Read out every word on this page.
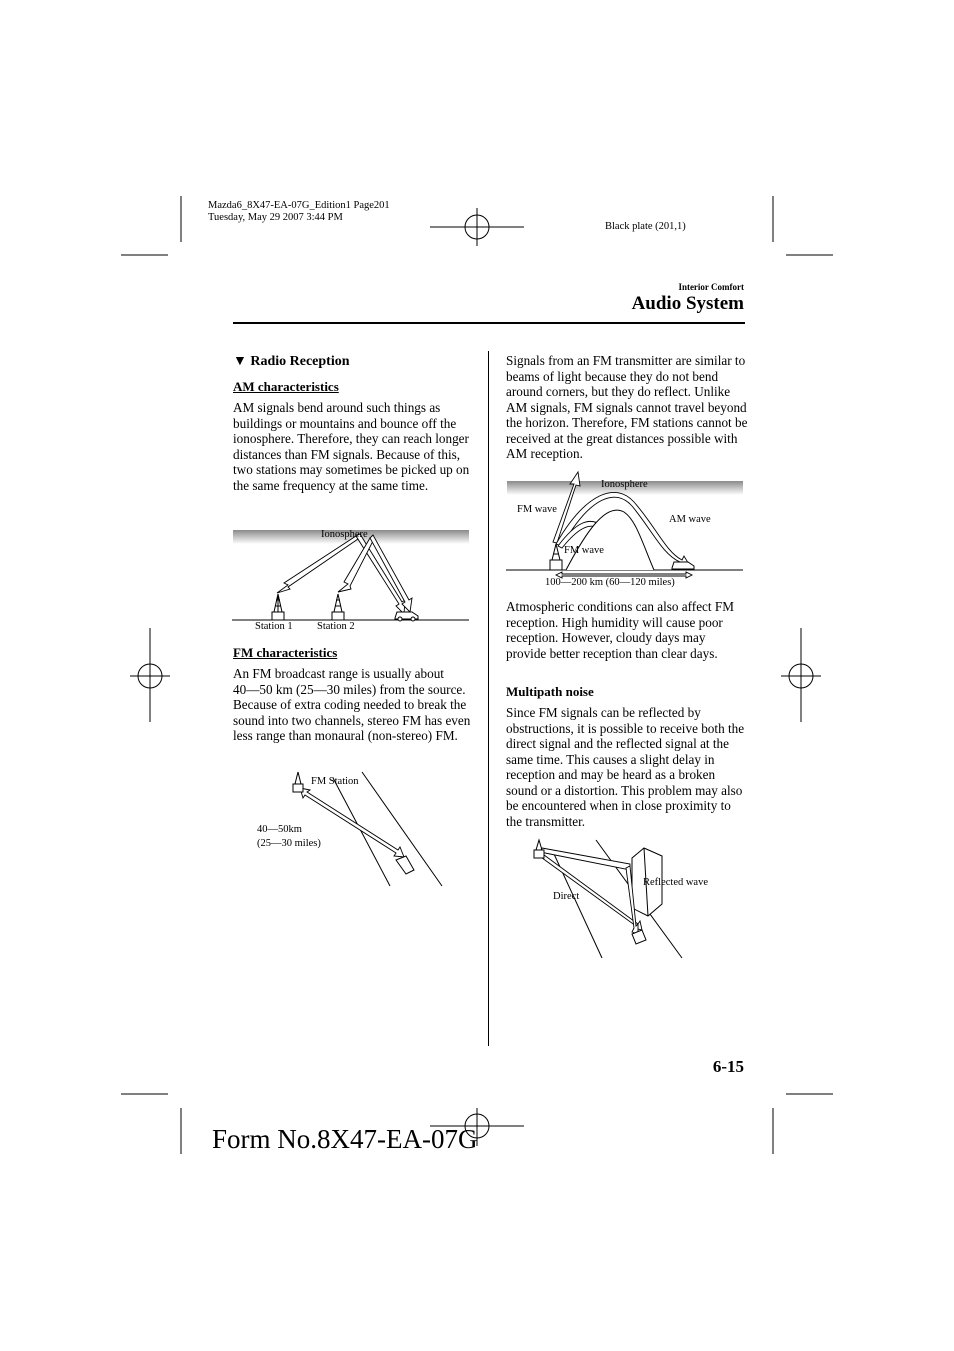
Mazda6_8X47-EA-07G_Edition1 Page201
Tuesday, May 29 2007 3:44 PM
Black plate (201,1)
Interior Comfort
Audio System
▼ Radio Reception
AM characteristics
AM signals bend around such things as buildings or mountains and bounce off the ionosphere. Therefore, they can reach longer distances than FM signals. Because of this, two stations may sometimes be picked up on the same frequency at the same time.
Ionosphere
Station 1 Station 2
FM characteristics
An FM broadcast range is usually about 40―50 km (25―30 miles) from the source. Because of extra coding needed to break the sound into two channels, stereo FM has even less range than monaural (non-stereo) FM.
FM Station
40—50km
(25—30 miles)
Signals from an FM transmitter are similar to beams of light because they do not bend around corners, but they do reflect. Unlike AM signals, FM signals cannot travel beyond the horizon. Therefore, FM stations cannot be received at the great distances possible with AM reception.
Ionosphere
FM wave
AM wave
FM wave
100—200 km (60—120 miles)
Atmospheric conditions can also affect FM reception. High humidity will cause poor reception. However, cloudy days may provide better reception than clear days.
Multipath noise
Since FM signals can be reflected by obstructions, it is possible to receive both the direct signal and the reflected signal at the same time. This causes a slight delay in reception and may be heard as a broken sound or a distortion. This problem may also be encountered when in close proximity to the transmitter.
Reflected wave
Direct
6-15
Form No.8X47-EA-07G
